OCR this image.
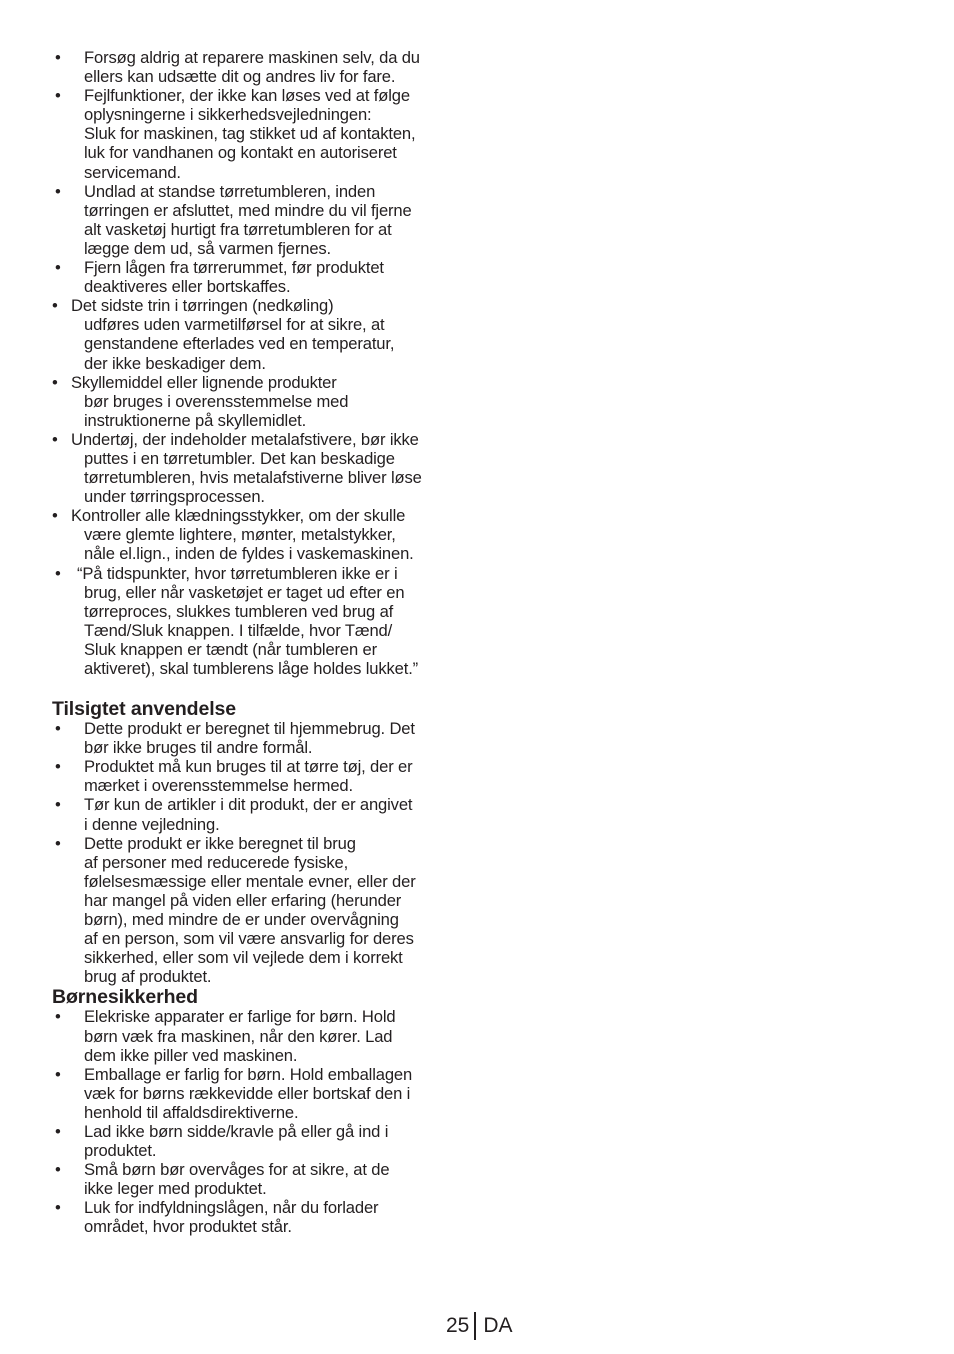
• Forsøg aldrig at reparere maskinen selv, da du
ellers kan udsætte dit og andres liv for fare.
• Fejlfunktioner, der ikke kan løses ved at følge
oplysningerne i sikkerhedsvejledningen:
Sluk for maskinen, tag stikket ud af kontakten,
luk for vandhanen og kontakt en autoriseret
servicemand.
• Undlad at standse tørretumbleren, inden
tørringen er afsluttet, med mindre du vil fjerne
alt vasketøj hurtigt fra tørretumbleren for at
lægge dem ud, så varmen fjernes.
• Fjern lågen fra tørrerummet, før produktet
deaktiveres eller bortskaffes.
• Det sidste trin i tørringen (nedkøling)
udføres uden varmetilførsel for at sikre, at
genstandene efterlades ved en temperatur,
der ikke beskadiger dem.
• Skyllemiddel eller lignende produkter
bør bruges i overensstemmelse med
instruktionerne på skyllemidlet.
• Undertøj, der indeholder metalafstivere, bør ikke
puttes i en tørretumbler. Det kan beskadige
tørretumbleren, hvis metalafstiverne bliver løse
under tørringsprocessen.
• Kontroller alle klædningsstykker, om der skulle
være glemte lightere, mønter, metalstykker,
nåle el.lign., inden de fyldes i vaskemaskinen.
• “På tidspunkter, hvor tørretumbleren ikke er i
brug, eller når vasketøjet er taget ud efter en
tørreproces, slukkes tumbleren ved brug af
Tænd/Sluk knappen. I tilfælde, hvor Tænd/
Sluk knappen er tændt (når tumbleren er
aktiveret), skal tumblerens låge holdes lukket.”
Tilsigtet anvendelse
• Dette produkt er beregnet til hjemmebrug. Det
bør ikke bruges til andre formål.
• Produktet må kun bruges til at tørre tøj, der er
mærket i overensstemmelse hermed.
• Tør kun de artikler i dit produkt, der er angivet
i denne vejledning.
• Dette produkt er ikke beregnet til brug
af personer med reducerede fysiske,
følelsesmæssige eller mentale evner, eller der
har mangel på viden eller erfaring (herunder
børn), med mindre de er under overvågning
af en person, som vil være ansvarlig for deres
sikkerhed, eller som vil vejlede dem i korrekt
brug af produktet.
Børnesikkerhed
• Elekriske apparater er farlige for børn. Hold
børn væk fra maskinen, når den kører. Lad
dem ikke piller ved maskinen.
• Emballage er farlig for børn. Hold emballagen
væk for børns rækkevidde eller bortskaf den i
henhold til affaldsdirektiverne.
• Lad ikke børn sidde/kravle på eller gå ind i
produktet.
• Små børn bør overvåges for at sikre, at de
ikke leger med produktet.
• Luk for indfyldningslågen, når du forlader
området, hvor produktet står.
25 DA
